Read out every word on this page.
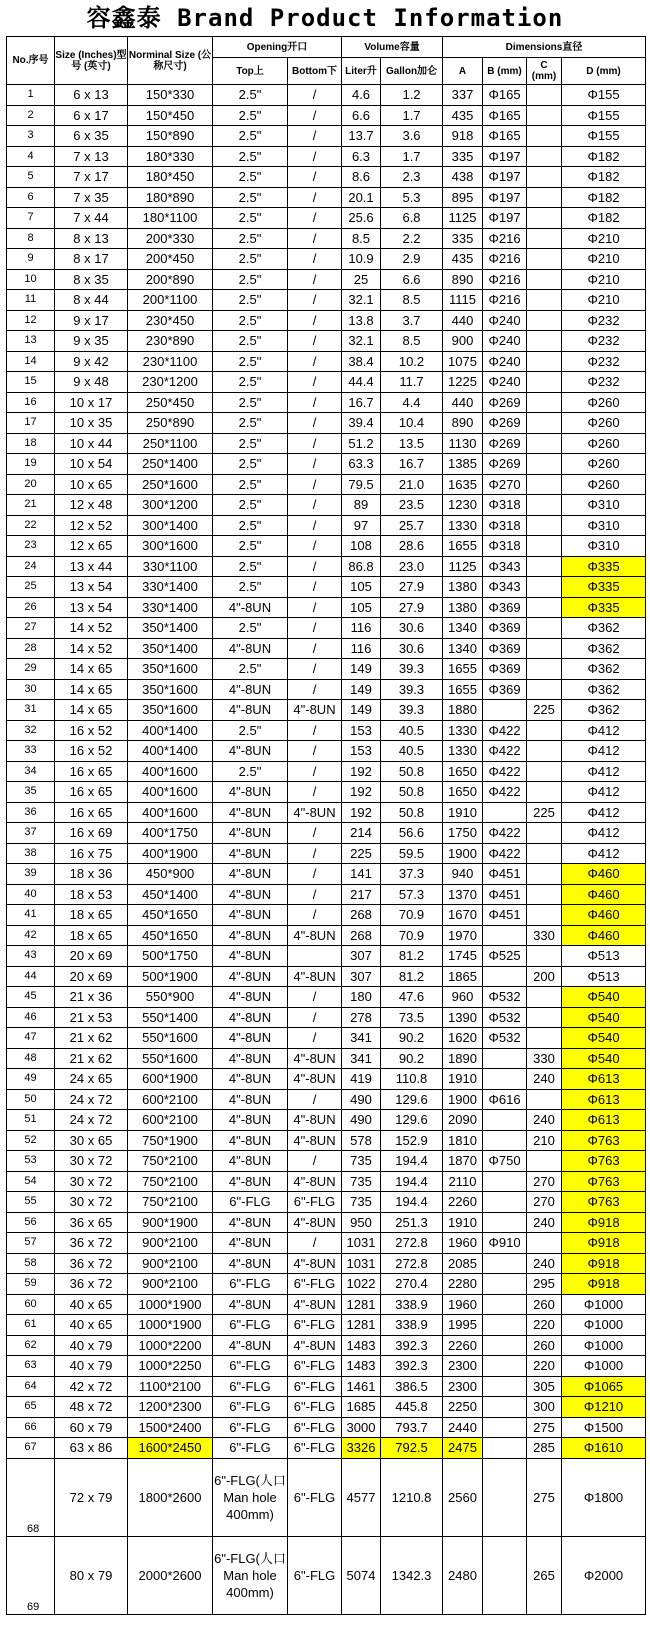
容鑫泰 Brand Product Information
No.序号	Size (Inches)型号 (英寸)	Norminal Size (公称尺寸)	Opening开口		Volume容量		Dimensions直径			
			Top上	Bottom下	Liter升	Gallon加仑	A	B (mm)	C (mm)	D (mm)
1	6 x 13	150*330	2.5"	/	4.6	1.2	337	Φ165		Φ155
2	6 x 17	150*450	2.5"	/	6.6	1.7	435	Φ165		Φ155
3	6 x 35	150*890	2.5"	/	13.7	3.6	918	Φ165		Φ155
4	7 x 13	180*330	2.5"	/	6.3	1.7	335	Φ197		Φ182
5	7 x 17	180*450	2.5"	/	8.6	2.3	438	Φ197		Φ182
6	7 x 35	180*890	2.5"	/	20.1	5.3	895	Φ197		Φ182
7	7 x 44	180*1100	2.5"	/	25.6	6.8	1125	Φ197		Φ182
8	8 x 13	200*330	2.5"	/	8.5	2.2	335	Φ216		Φ210
9	8 x 17	200*450	2.5"	/	10.9	2.9	435	Φ216		Φ210
10	8 x 35	200*890	2.5"	/	25	6.6	890	Φ216		Φ210
11	8 x 44	200*1100	2.5"	/	32.1	8.5	1115	Φ216		Φ210
12	9 x 17	230*450	2.5"	/	13.8	3.7	440	Φ240		Φ232
13	9 x 35	230*890	2.5"	/	32.1	8.5	900	Φ240		Φ232
14	9 x 42	230*1100	2.5"	/	38.4	10.2	1075	Φ240		Φ232
15	9 x 48	230*1200	2.5"	/	44.4	11.7	1225	Φ240		Φ232
16	10 x 17	250*450	2.5"	/	16.7	4.4	440	Φ269		Φ260
17	10 x 35	250*890	2.5"	/	39.4	10.4	890	Φ269		Φ260
18	10 x 44	250*1100	2.5"	/	51.2	13.5	1130	Φ269		Φ260
19	10 x 54	250*1400	2.5"	/	63.3	16.7	1385	Φ269		Φ260
20	10 x 65	250*1600	2.5"	/	79.5	21.0	1635	Φ270		Φ260
21	12 x 48	300*1200	2.5"	/	89	23.5	1230	Φ318		Φ310
22	12 x 52	300*1400	2.5"	/	97	25.7	1330	Φ318		Φ310
23	12 x 65	300*1600	2.5"	/	108	28.6	1655	Φ318		Φ310
24	13 x 44	330*1100	2.5"	/	86.8	23.0	1125	Φ343		Φ335
25	13 x 54	330*1400	2.5"	/	105	27.9	1380	Φ343		Φ335
26	13 x 54	330*1400	4"-8UN	/	105	27.9	1380	Φ369		Φ335
27	14 x 52	350*1400	2.5"	/	116	30.6	1340	Φ369		Φ362
28	14 x 52	350*1400	4"-8UN	/	116	30.6	1340	Φ369		Φ362
29	14 x 65	350*1600	2.5"	/	149	39.3	1655	Φ369		Φ362
30	14 x 65	350*1600	4"-8UN	/	149	39.3	1655	Φ369		Φ362
31	14 x 65	350*1600	4"-8UN	4"-8UN	149	39.3	1880		225	Φ362
32	16 x 52	400*1400	2.5"	/	153	40.5	1330	Φ422		Φ412
33	16 x 52	400*1400	4"-8UN	/	153	40.5	1330	Φ422		Φ412
34	16 x 65	400*1600	2.5"	/	192	50.8	1650	Φ422		Φ412
35	16 x 65	400*1600	4"-8UN	/	192	50.8	1650	Φ422		Φ412
36	16 x 65	400*1600	4"-8UN	4"-8UN	192	50.8	1910		225	Φ412
37	16 x 69	400*1750	4"-8UN	/	214	56.6	1750	Φ422		Φ412
38	16 x 75	400*1900	4"-8UN	/	225	59.5	1900	Φ422		Φ412
39	18 x 36	450*900	4"-8UN	/	141	37.3	940	Φ451		Φ460
40	18 x 53	450*1400	4"-8UN	/	217	57.3	1370	Φ451		Φ460
41	18 x 65	450*1650	4"-8UN	/	268	70.9	1670	Φ451		Φ460
42	18 x 65	450*1650	4"-8UN	4"-8UN	268	70.9	1970		330	Φ460
43	20 x 69	500*1750	4"-8UN		307	81.2	1745	Φ525		Φ513
44	20 x 69	500*1900	4"-8UN	4"-8UN	307	81.2	1865		200	Φ513
45	21 x 36	550*900	4"-8UN	/	180	47.6	960	Φ532		Φ540
46	21 x 53	550*1400	4"-8UN	/	278	73.5	1390	Φ532		Φ540
47	21 x 62	550*1600	4"-8UN	/	341	90.2	1620	Φ532		Φ540
48	21 x 62	550*1600	4"-8UN	4"-8UN	341	90.2	1890		330	Φ540
49	24 x 65	600*1900	4"-8UN	4"-8UN	419	110.8	1910		240	Φ613
50	24 x 72	600*2100	4"-8UN	/	490	129.6	1900	Φ616		Φ613
51	24 x 72	600*2100	4"-8UN	4"-8UN	490	129.6	2090		240	Φ613
52	30 x 65	750*1900	4"-8UN	4"-8UN	578	152.9	1810		210	Φ763
53	30 x 72	750*2100	4"-8UN	/	735	194.4	1870	Φ750		Φ763
54	30 x 72	750*2100	4"-8UN	4"-8UN	735	194.4	2110		270	Φ763
55	30 x 72	750*2100	6"-FLG	6"-FLG	735	194.4	2260		270	Φ763
56	36 x 65	900*1900	4"-8UN	4"-8UN	950	251.3	1910		240	Φ918
57	36 x 72	900*2100	4"-8UN	/	1031	272.8	1960	Φ910		Φ918
58	36 x 72	900*2100	4"-8UN	4"-8UN	1031	272.8	2085		240	Φ918
59	36 x 72	900*2100	6"-FLG	6"-FLG	1022	270.4	2280		295	Φ918
60	40 x 65	1000*1900	4"-8UN	4"-8UN	1281	338.9	1960		260	Φ1000
61	40 x 65	1000*1900	6"-FLG	6"-FLG	1281	338.9	1995		220	Φ1000
62	40 x 79	1000*2200	4"-8UN	4"-8UN	1483	392.3	2260		260	Φ1000
63	40 x 79	1000*2250	6"-FLG	6"-FLG	1483	392.3	2300		220	Φ1000
64	42 x 72	1100*2100	6"-FLG	6"-FLG	1461	386.5	2300		305	Φ1065
65	48 x 72	1200*2300	6"-FLG	6"-FLG	1685	445.8	2250		300	Φ1210
66	60 x 79	1500*2400	6"-FLG	6"-FLG	3000	793.7	2440		275	Φ1500
67	63 x 86	1600*2450	6"-FLG	6"-FLG	3326	792.5	2475		285	Φ1610
68	72 x 79	1800*2600	6"-FLG(人口Man hole 400mm)	6"-FLG	4577	1210.8	2560		275	Φ1800
69	80 x 79	2000*2600	6"-FLG(人口Man hole 400mm)	6"-FLG	5074	1342.3	2480		265	Φ2000
